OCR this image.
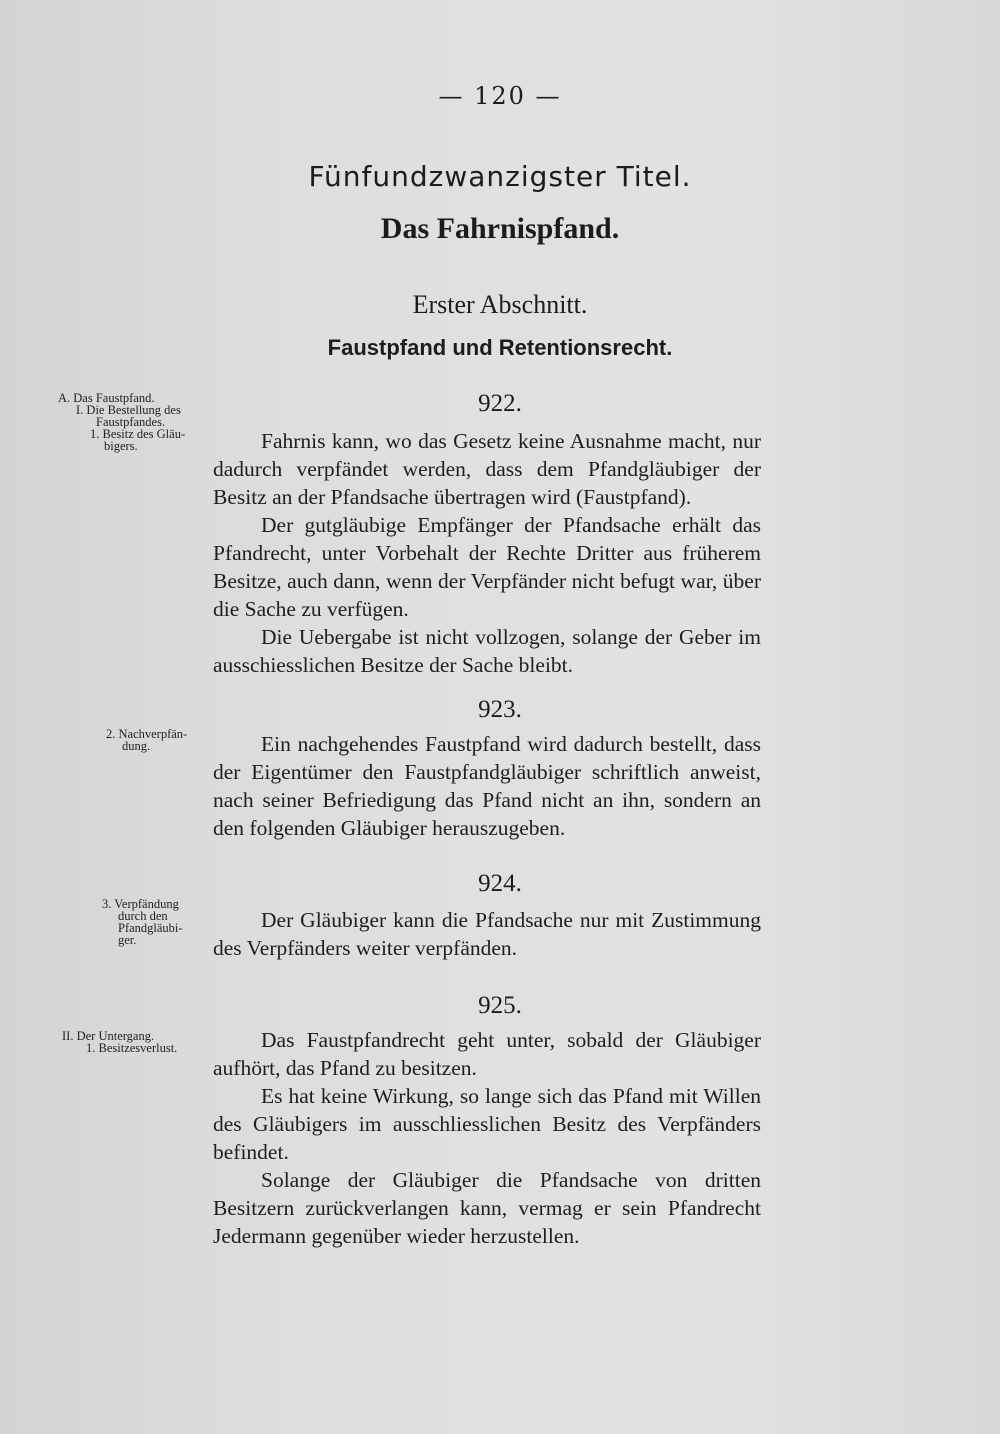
— 120 —
Fünfundzwanzigster Titel.
Das Fahrnispfand.
Erster Abschnitt.
Faustpfand und Retentionsrecht.
A. Das Faustpfand.
I. Die Bestellung des
Faustpfandes.
1. Besitz des Gläu-
bigers.
922.

Fahrnis kann, wo das Gesetz keine Ausnahme macht, nur dadurch verpfändet werden, dass dem Pfandgläubiger der Besitz an der Pfandsache übertragen wird (Faustpfand).

Der gutgläubige Empfänger der Pfandsache erhält das Pfandrecht, unter Vorbehalt der Rechte Dritter aus früherem Besitze, auch dann, wenn der Verpfänder nicht befugt war, über die Sache zu verfügen.

Die Uebergabe ist nicht vollzogen, solange der Geber im ausschiesslichen Besitze der Sache bleibt.

2. Nachverpfän-
dung.
923.

Ein nachgehendes Faustpfand wird dadurch bestellt, dass der Eigentümer den Faustpfandgläubiger schriftlich anweist, nach seiner Befriedigung das Pfand nicht an ihn, sondern an den folgenden Gläubiger herauszugeben.

3. Verpfändung
durch den
Pfandgläubi-
ger.
924.

Der Gläubiger kann die Pfandsache nur mit Zustimmung des Verpfänders weiter verpfänden.

II. Der Untergang.
1. Besitzesverlust.
925.

Das Faustpfandrecht geht unter, sobald der Gläubiger aufhört, das Pfand zu besitzen.

Es hat keine Wirkung, so lange sich das Pfand mit Willen des Gläubigers im ausschliesslichen Besitz des Verpfänders befindet.

Solange der Gläubiger die Pfandsache von dritten Besitzern zurückverlangen kann, vermag er sein Pfandrecht Jedermann gegenüber wieder herzustellen.
